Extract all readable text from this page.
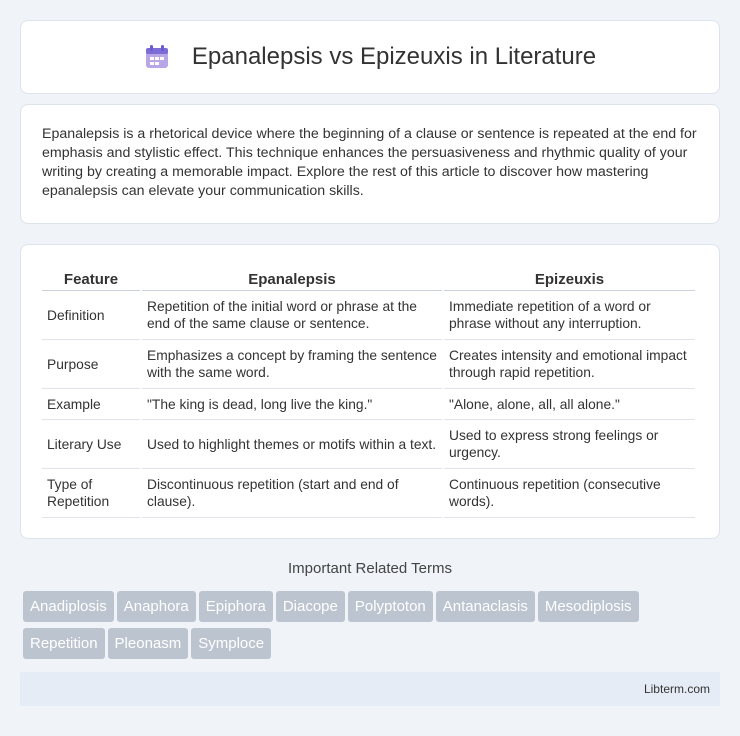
Epanalepsis vs Epizeuxis in Literature

Epanalepsis is a rhetorical device where the beginning of a clause or sentence is repeated at the end for emphasis and stylistic effect. This technique enhances the persuasiveness and rhythmic quality of your writing by creating a memorable impact. Explore the rest of this article to discover how mastering epanalepsis can elevate your communication skills.

Feature	Epanalepsis	Epizeuxis
Definition	Repetition of the initial word or phrase at the end of the same clause or sentence.	Immediate repetition of a word or phrase without any interruption.
Purpose	Emphasizes a concept by framing the sentence with the same word.	Creates intensity and emotional impact through rapid repetition.
Example	"The king is dead, long live the king."	"Alone, alone, all, all alone."
Literary Use	Used to highlight themes or motifs within a text.	Used to express strong feelings or urgency.
Type of Repetition	Discontinuous repetition (start and end of clause).	Continuous repetition (consecutive words).
Important Related Terms
Anadiplosis Anaphora Epiphora Diacope Polyptoton Antanaclasis Mesodiplosis
Repetition Pleonasm Symploce
Libterm.com
